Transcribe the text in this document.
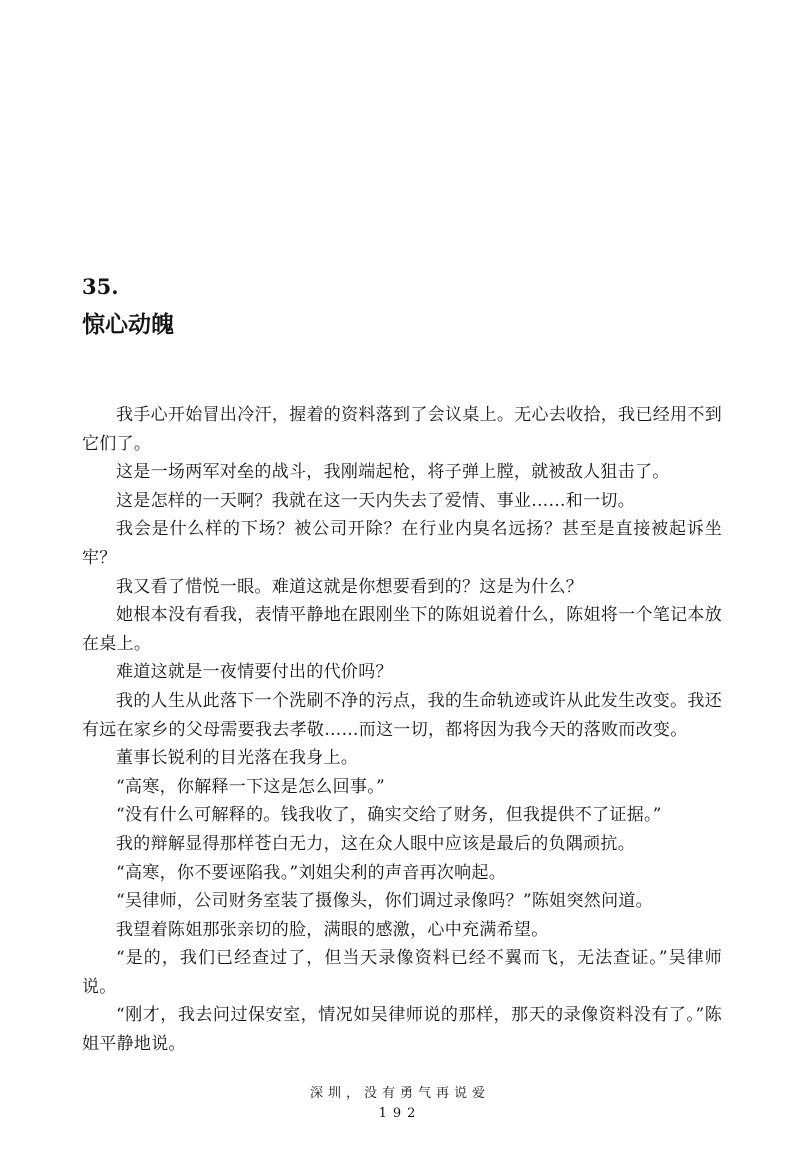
35.
惊心动魄

我手心开始冒出冷汗，握着的资料落到了会议桌上。无心去收拾，我已经用不到它们了。

这是一场两军对垒的战斗，我刚端起枪，将子弹上膛，就被敌人狙击了。

这是怎样的一天啊？我就在这一天内失去了爱情、事业……和一切。

我会是什么样的下场？被公司开除？在行业内臭名远扬？甚至是直接被起诉坐牢？

我又看了惜悦一眼。难道这就是你想要看到的？这是为什么？

她根本没有看我，表情平静地在跟刚坐下的陈姐说着什么，陈姐将一个笔记本放在桌上。

难道这就是一夜情要付出的代价吗？

我的人生从此落下一个洗刷不净的污点，我的生命轨迹或许从此发生改变。我还有远在家乡的父母需要我去孝敬……而这一切，都将因为我今天的落败而改变。

董事长锐利的目光落在我身上。

“高寒，你解释一下这是怎么回事。”

“没有什么可解释的。钱我收了，确实交给了财务，但我提供不了证据。”

我的辩解显得那样苍白无力，这在众人眼中应该是最后的负隅顽抗。

“高寒，你不要诬陷我。”刘姐尖利的声音再次响起。

“吴律师，公司财务室装了摄像头，你们调过录像吗？”陈姐突然问道。

我望着陈姐那张亲切的脸，满眼的感激，心中充满希望。

“是的，我们已经查过了，但当天录像资料已经不翼而飞，无法查证。”吴律师说。

“刚才，我去问过保安室，情况如吴律师说的那样，那天的录像资料没有了。”陈姐平静地说。

深圳，没有勇气再说爱

192
